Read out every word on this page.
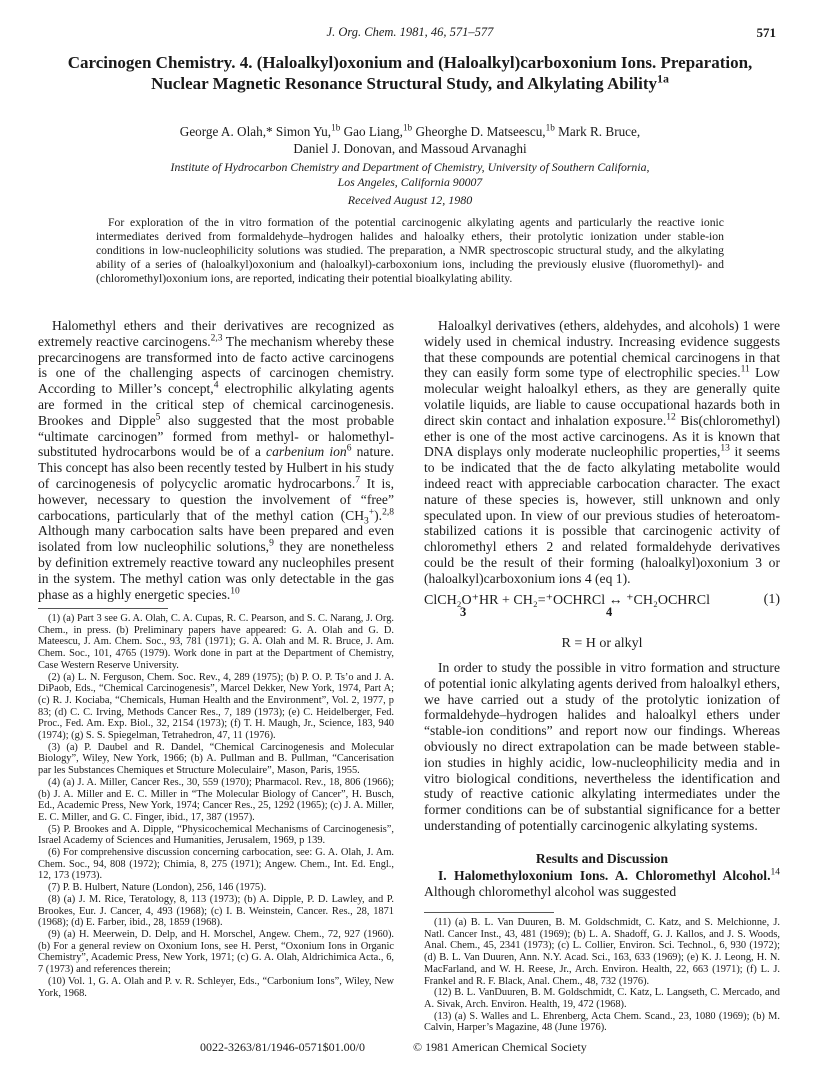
J. Org. Chem. 1981, 46, 571–577	571
Carcinogen Chemistry. 4. (Haloalkyl)oxonium and (Haloalkyl)carboxonium Ions. Preparation, Nuclear Magnetic Resonance Structural Study, and Alkylating Ability$^{1a}$
George A. Olah,* Simon Yu,$^{1b}$ Gao Liang,$^{1b}$ Gheorghe D. Matseescu,$^{1b}$ Mark R. Bruce,
Daniel J. Donovan, and Massoud Arvanaghi
Institute of Hydrocarbon Chemistry and Department of Chemistry, University of Southern California,
Los Angeles, California 90007
Received August 12, 1980

For exploration of the in vitro formation of the potential carcinogenic alkylating agents and particularly the reactive ionic intermediates derived from formaldehyde–hydrogen halides and haloalky ethers, their protolytic ionization under stable-ion conditions in low-nucleophilicity solutions was studied. The preparation, a NMR spectroscopic structural study, and the alkylating ability of a series of (haloalkyl)oxonium and (haloalkyl)-carboxonium ions, including the previously elusive (fluoromethyl)- and (chloromethyl)oxonium ions, are reported, indicating their potential bioalkylating ability.

Halomethyl ethers and their derivatives are recognized as extremely reactive carcinogens.$^{2,3}$ The mechanism whereby these precarcinogens are transformed into de facto active carcinogens is one of the challenging aspects of carcinogen chemistry. According to Miller’s concept,$^4$ electrophilic alkylating agents are formed in the critical step of chemical carcinogenesis. Brookes and Dipple$^5$ also suggested that the most probable “ultimate carcinogen” formed from methyl- or halomethyl-substituted hydrocarbons would be of a carbenium ion$^6$ nature. This concept has also been recently tested by Hulbert in his study of carcinogenesis of polycyclic aromatic hydrocarbons.$^7$ It is, however, necessary to question the involvement of “free” carbocations, particularly that of the methyl cation $(CH_3^+).^{2,8}$ Although many carbocation salts have been prepared and even isolated from low nucleophilic solutions,$^9$ they are nonetheless by definition extremely reactive toward any nucleophiles present in the system. The methyl cation was only detectable in the gas phase as a highly energetic species.$^{10}$

(1) (a) Part 3 see G. A. Olah, C. A. Cupas, R. C. Pearson, and S. C. Narang, J. Org. Chem., in press. (b) Preliminary papers have appeared: G. A. Olah and G. D. Mateescu, J. Am. Chem. Soc., 93, 781 (1971); G. A. Olah and M. R. Bruce, J. Am. Chem. Soc., 101, 4765 (1979). Work done in part at the Department of Chemistry, Case Western Reserve University.

(2) (a) L. N. Ferguson, Chem. Soc. Rev., 4, 289 (1975); (b) P. O. P. Ts’o and J. A. DiPaob, Eds., “Chemical Carcinogenesis”, Marcel Dekker, New York, 1974, Part A; (c) R. J. Kociaba, “Chemicals, Human Health and the Environment”, Vol. 2, 1977, p 83; (d) C. C. Irving, Methods Cancer Res., 7, 189 (1973); (e) C. Heidelberger, Fed. Proc., Fed. Am. Exp. Biol., 32, 2154 (1973); (f) T. H. Maugh, Jr., Science, 183, 940 (1974); (g) S. S. Spiegelman, Tetrahedron, 47, 11 (1976).

(3) (a) P. Daubel and R. Dandel, “Chemical Carcinogenesis and Molecular Biology”, Wiley, New York, 1966; (b) A. Pullman and B. Pullman, “Cancerisation par les Substances Chemiques et Structure Moleculaire”, Mason, Paris, 1955.

(4) (a) J. A. Miller, Cancer Res., 30, 559 (1970); Pharmacol. Rev., 18, 806 (1966); (b) J. A. Miller and E. C. Miller in “The Molecular Biology of Cancer”, H. Busch, Ed., Academic Press, New York, 1974; Cancer Res., 25, 1292 (1965); (c) J. A. Miller, E. C. Miller, and G. C. Finger, ibid., 17, 387 (1957).

(5) P. Brookes and A. Dipple, “Physicochemical Mechanisms of Carcinogenesis”, Israel Academy of Sciences and Humanities, Jerusalem, 1969, p 139.

(6) For comprehensive discussion concerning carbocation, see: G. A. Olah, J. Am. Chem. Soc., 94, 808 (1972); Chimia, 8, 275 (1971); Angew. Chem., Int. Ed. Engl., 12, 173 (1973).

(7) P. B. Hulbert, Nature (London), 256, 146 (1975).

(8) (a) J. M. Rice, Teratology, 8, 113 (1973); (b) A. Dipple, P. D. Lawley, and P. Brookes, Eur. J. Cancer, 4, 493 (1968); (c) I. B. Weinstein, Cancer. Res., 28, 1871 (1968); (d) E. Farber, ibid., 28, 1859 (1968).

(9) (a) H. Meerwein, D. Delp, and H. Morschel, Angew. Chem., 72, 927 (1960). (b) For a general review on Oxonium Ions, see H. Perst, “Oxonium Ions in Organic Chemistry”, Academic Press, New York, 1971; (c) G. A. Olah, Aldrichimica Acta., 6, 7 (1973) and references therein;

(10) Vol. 1, G. A. Olah and P. v. R. Schleyer, Eds., “Carbonium Ions”, Wiley, New York, 1968.

Haloalkyl derivatives (ethers, aldehydes, and alcohols) 1 were widely used in chemical industry. Increasing evidence suggests that these compounds are potential chemical carcinogens in that they can easily form some type of electrophilic species.$^{11}$ Low molecular weight haloalkyl ethers, as they are generally quite volatile liquids, are liable to cause occupational hazards both in direct skin contact and inhalation exposure.$^{12}$ Bis(chloromethyl) ether is one of the most active carcinogens. As it is known that DNA displays only moderate nucleophilic properties,$^{13}$ it seems to be indicated that the de facto alkylating metabolite would indeed react with appreciable carbocation character. The exact nature of these species is, however, still unknown and only speculated upon. In view of our previous studies of heteroatom-stabilized cations it is possible that carcinogenic activity of chloromethyl ethers 2 and related formaldehyde derivatives could be the result of their forming (haloalkyl)oxonium 3 or (haloalkyl)carboxonium ions 4 (eq 1).

ClCH₂O⁺HR + CH₂=⁺OCHRCl ↔ ⁺CH₂OCHRCl	(1)
3	4
R = H or alkyl

In order to study the possible in vitro formation and structure of potential ionic alkylating agents derived from haloalkyl ethers, we have carried out a study of the protolytic ionization of formaldehyde–hydrogen halides and haloalkyl ethers under “stable-ion conditions” and report now our findings. Whereas obviously no direct extrapolation can be made between stable-ion studies in highly acidic, low-nucleophilicity media and in vitro biological conditions, nevertheless the identification and study of reactive cationic alkylating intermediates under the former conditions can be of substantial significance for a better understanding of potentially carcinogenic alkylating systems.

Results and Discussion

I. Halomethyloxonium Ions. A. Chloromethyl Alcohol.$^{14}$ Although chloromethyl alcohol was suggested

(11) (a) B. L. Van Duuren, B. M. Goldschmidt, C. Katz, and S. Melchionne, J. Natl. Cancer Inst., 43, 481 (1969); (b) L. A. Shadoff, G. J. Kallos, and J. S. Woods, Anal. Chem., 45, 2341 (1973); (c) L. Collier, Environ. Sci. Technol., 6, 930 (1972); (d) B. L. Van Duuren, Ann. N.Y. Acad. Sci., 163, 633 (1969); (e) K. J. Leong, H. N. MacFarland, and W. H. Reese, Jr., Arch. Environ. Health, 22, 663 (1971); (f) L. J. Frankel and R. F. Black, Anal. Chem., 48, 732 (1976).

(12) B. L. VanDuuren, B. M. Goldschmidt, C. Katz, L. Langseth, C. Mercado, and A. Sivak, Arch. Environ. Health, 19, 472 (1968).

(13) (a) S. Walles and L. Ehrenberg, Acta Chem. Scand., 23, 1080 (1969); (b) M. Calvin, Harper’s Magazine, 48 (June 1976).

0022-3263/81/1946-0571$01.00/0	© 1981 American Chemical Society
